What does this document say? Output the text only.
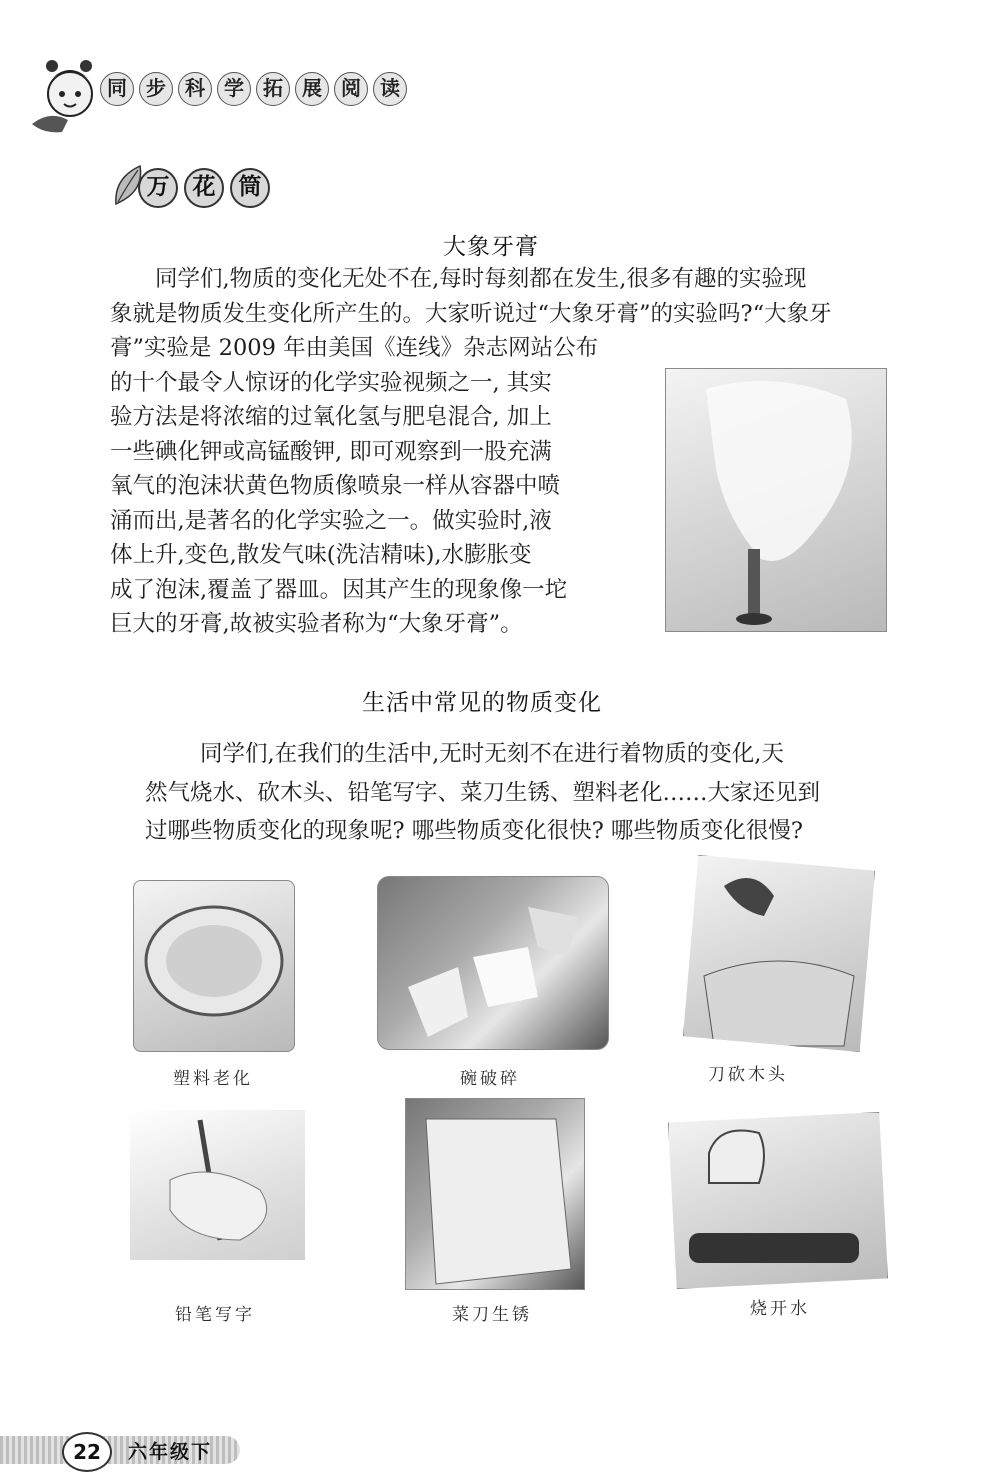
同 步 科 学 拓 展 阅 读
万	花	筒
大象牙膏

同学们,物质的变化无处不在,每时每刻都在发生,很多有趣的实验现

象就是物质发生变化所产生的。大家听说过“大象牙膏”的实验吗?“大象牙

膏”实验是 2009 年由美国《连线》杂志网站公布

的十个最令人惊讶的化学实验视频之一, 其实

验方法是将浓缩的过氧化氢与肥皂混合, 加上

一些碘化钾或高锰酸钾, 即可观察到一股充满

氧气的泡沫状黄色物质像喷泉一样从容器中喷

涌而出,是著名的化学实验之一。做实验时,液

体上升,变色,散发气味(洗洁精味),水膨胀变

成了泡沫,覆盖了器皿。因其产生的现象像一坨

巨大的牙膏,故被实验者称为“大象牙膏”。

生活中常见的物质变化

同学们,在我们的生活中,无时无刻不在进行着物质的变化,天

然气烧水、砍木头、铅笔写字、菜刀生锈、塑料老化……大家还见到

过哪些物质变化的现象呢? 哪些物质变化很快? 哪些物质变化很慢?

塑料老化	碗破碎	刀砍木头
铅笔写字	菜刀生锈	烧开水
22	六年级下
